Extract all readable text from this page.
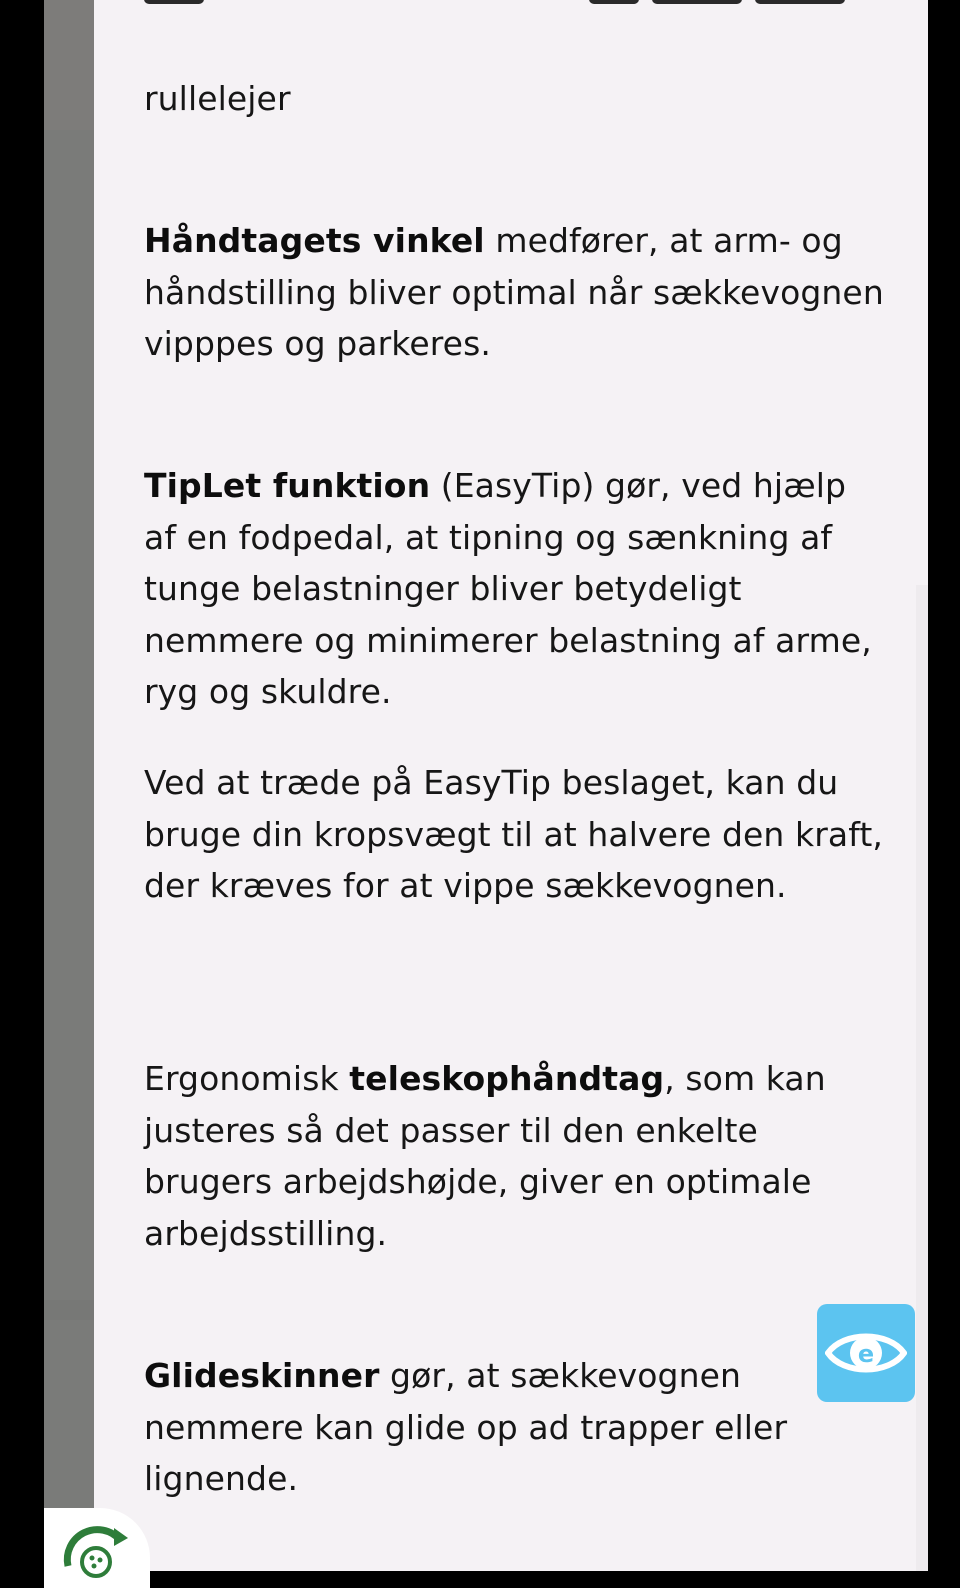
rullelejer
Håndtagets vinkel medfører, at arm- og håndstilling bliver optimal når sækkevognen vipppes og parkeres.
TipLet funktion (EasyTip) gør, ved hjælp af en fodpedal, at tipning og sænkning af tunge belastninger bliver betydeligt nemmere og minimerer belastning af arme, ryg og skuldre.
Ved at træde på EasyTip beslaget, kan du bruge din kropsvægt til at halvere den kraft, der kræves for at vippe sækkevognen.
Ergonomisk teleskophåndtag, som kan justeres så det passer til den enkelte brugers arbejdshøjde, giver en optimale arbejdsstilling.
Glideskinner gør, at sækkevognen nemmere kan glide op ad trapper eller lignende.
e
